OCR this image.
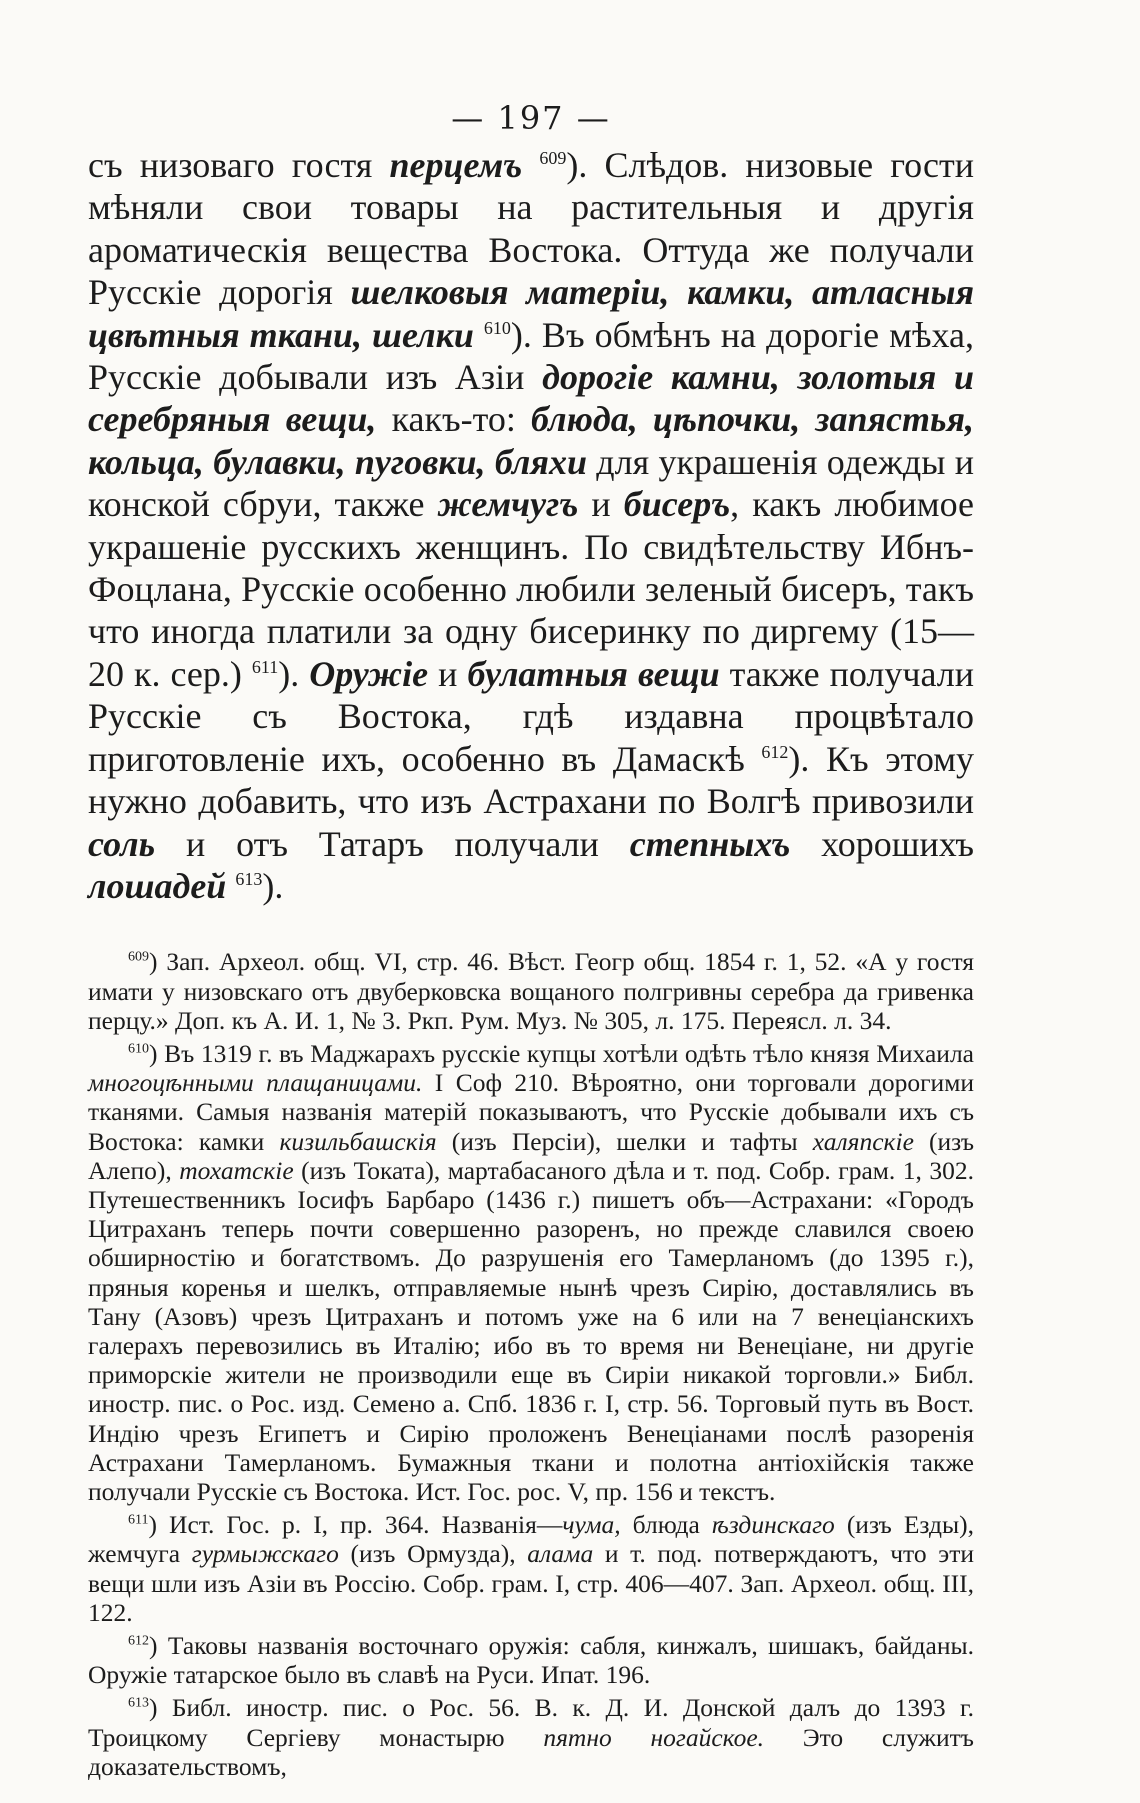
— 197 —

съ низоваго гостя перцемъ $^{609}$). Слѣдов. низовые гости мѣняли свои товары на растительныя и другія ароматическія вещества Востока. Оттуда же получали Русскіе дорогія шелковыя матеріи, камки, атласныя цвѣтныя ткани, шелки $^{610}$). Въ обмѣнъ на дорогіе мѣха, Русскіе добывали изъ Азіи дорогіе камни, золотыя и серебряныя вещи, какъ-то: блюда, цѣпочки, запястья, кольца, булавки, пуговки, бляхи для украшенія одежды и конской сбруи, также жемчугъ и бисеръ, какъ любимое украшеніе русскихъ женщинъ. По свидѣтельству Ибнъ-Фоцлана, Русскіе особенно любили зеленый бисеръ, такъ что иногда платили за одну бисеринку по диргему (15—20 к. сер.) $^{611}$). Оружіе и булатныя вещи также получали Русскіе съ Востока, гдѣ издавна процвѣтало приготовленіе ихъ, особенно въ Дамаскѣ $^{612}$). Къ этому нужно добавить, что изъ Астрахани по Волгѣ привозили соль и отъ Татаръ получали степныхъ хорошихъ лошадей $^{613}$).

$^{609}$) Зап. Археол. общ. VI, стр. 46. Вѣст. Геогр общ. 1854 г. 1, 52. «А у гостя имати у низовскаго отъ двуберковска вощаного полгривны серебра да гривенка перцу.» Доп. къ А. И. 1, № 3. Ркп. Рум. Муз. № 305, л. 175. Переясл. л. 34.

$^{610}$) Въ 1319 г. въ Маджарахъ русскіе купцы хотѣли одѣть тѣло князя Михаила многоцѣнными плащаницами. I Соф 210. Вѣроятно, они торговали дорогими тканями. Самыя названія матерій показываютъ, что Русскіе добывали ихъ съ Востока: камки кизильбашскія (изъ Персіи), шелки и тафты халяпскіе (изъ Алепо), тохатскіе (изъ Токата), мартабасаного дѣла и т. под. Собр. грам. 1, 302. Путешественникъ Іосифъ Барбаро (1436 г.) пишетъ объ—Астрахани: «Городъ Цитраханъ теперь почти совершенно разоренъ, но прежде славился своею обширностію и богатствомъ. До разрушенія его Тамерланомъ (до 1395 г.), пряныя коренья и шелкъ, отправляемые нынѣ чрезъ Сирію, доставлялись въ Тану (Азовъ) чрезъ Цитраханъ и потомъ уже на 6 или на 7 венеціанскихъ галерахъ перевозились въ Италію; ибо въ то время ни Венеціане, ни другіе приморскіе жители не производили еще въ Сиріи никакой торговли.» Библ. иностр. пис. о Рос. изд. Семено а. Спб. 1836 г. I, стр. 56. Торговый путь въ Вост. Индію чрезъ Египетъ и Сирію проложенъ Венеціанами послѣ разоренія Астрахани Тамерланомъ. Бумажныя ткани и полотна антіохійскія также получали Русскіе съ Востока. Ист. Гос. рос. V, пр. 156 и текстъ.

$^{611}$) Ист. Гос. р. I, пр. 364. Названія—чума, блюда ѣздинскаго (изъ Езды), жемчуга гурмыжскаго (изъ Ормузда), алама и т. под. потверждаютъ, что эти вещи шли изъ Азіи въ Россію. Собр. грам. I, стр. 406—407. Зап. Археол. общ. III, 122.

$^{612}$) Таковы названія восточнаго оружія: сабля, кинжалъ, шишакъ, байданы. Оружіе татарское было въ славѣ на Руси. Ипат. 196.

$^{613}$) Библ. иностр. пис. о Рос. 56. В. к. Д. И. Донской далъ до 1393 г. Троицкому Сергіеву монастырю пятно ногайское. Это служитъ доказательствомъ,
